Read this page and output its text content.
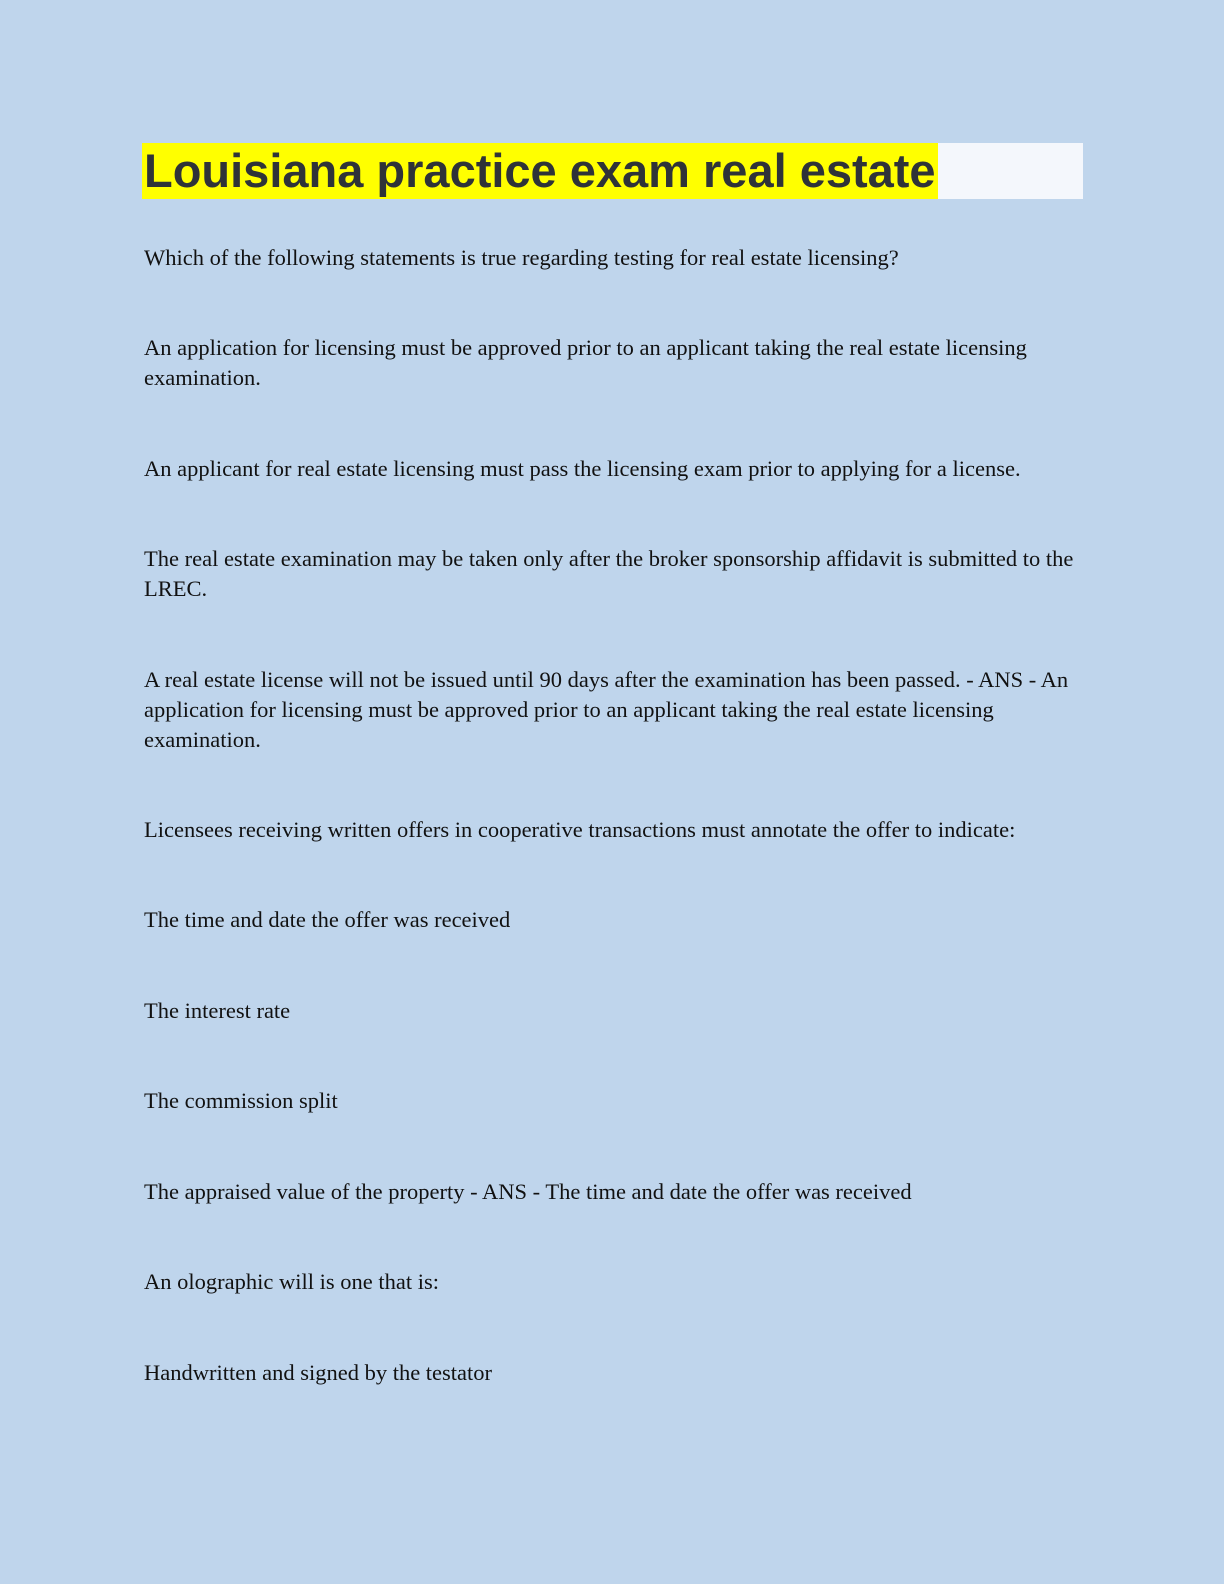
Louisiana practice exam real estate

Which of the following statements is true regarding testing for real estate licensing?

An application for licensing must be approved prior to an applicant taking the real estate licensing examination.

An applicant for real estate licensing must pass the licensing exam prior to applying for a license.

The real estate examination may be taken only after the broker sponsorship affidavit is submitted to the LREC.

A real estate license will not be issued until 90 days after the examination has been passed. - ANS - An application for licensing must be approved prior to an applicant taking the real estate licensing examination.

Licensees receiving written offers in cooperative transactions must annotate the offer to indicate:

The time and date the offer was received

The interest rate

The commission split

The appraised value of the property - ANS - The time and date the offer was received

An olographic will is one that is:

Handwritten and signed by the testator
